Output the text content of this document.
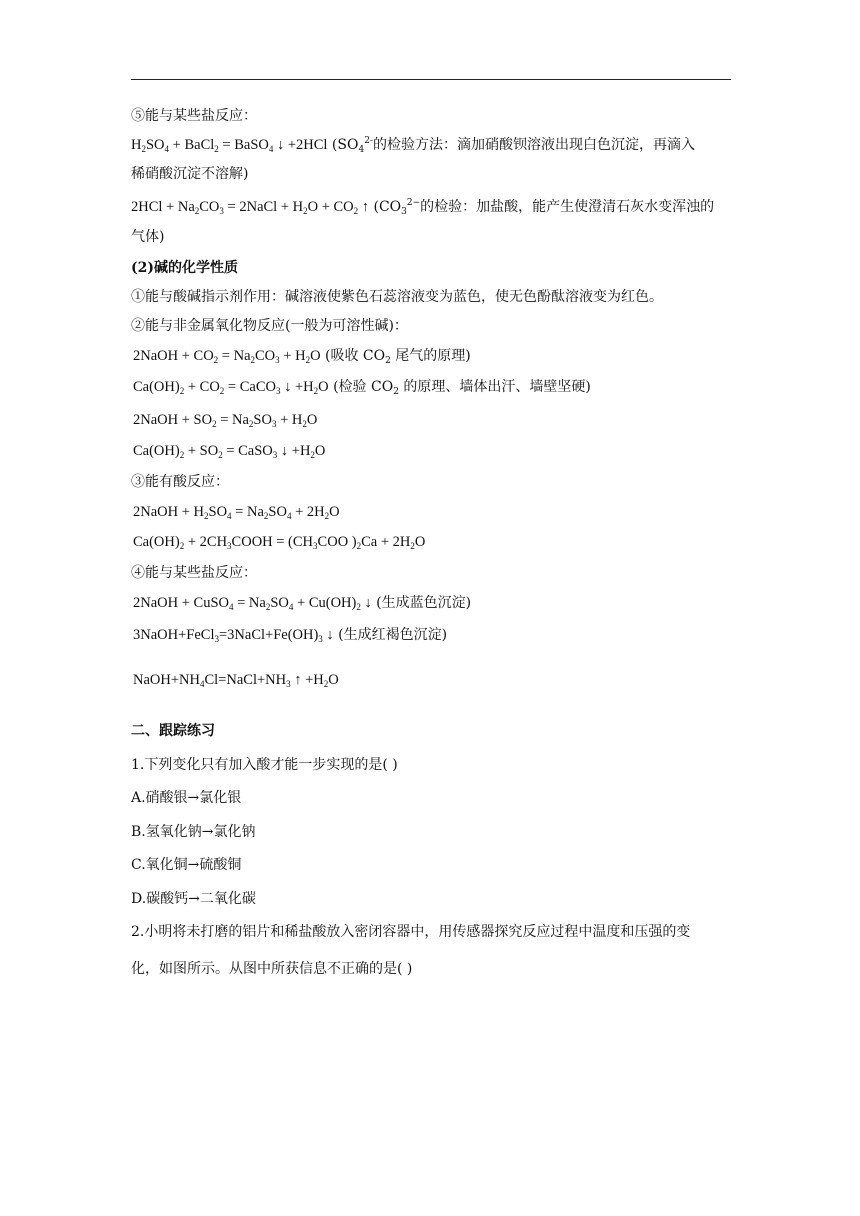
⑤能与某些盐反应：
$H_2SO_4$ + BaCl$_2$ = BaSO$_4$ ↓ +2HCl ($SO_4^{2-}$的检验方法：滴加硝酸钡溶液出现白色沉淀，再滴入
稀硝酸沉淀不溶解)
$2HCl + Na_2CO_3$ = 2NaCl + $H_2O + CO_2$ ↑ ($CO_3^{2-}$的检验：加盐酸，能产生使澄清石灰水变浑浊的
气体)
(2)碱的化学性质
①能与酸碱指示剂作用：碱溶液使紫色石蕊溶液变为蓝色，使无色酚酞溶液变为红色。
②能与非金属氧化物反应(一般为可溶性碱)：
2NaOH + $CO_2 = Na_2CO_3 + H_2O$ (吸收 $CO_2$ 尾气的原理)
$Ca(OH)_2 + CO_2$ = CaCO$_3$ ↓ $+H_2O$ (检验 $CO_2$ 的原理、墙体出汗、墙壁坚硬)
2NaOH + $SO_2 = Na_2SO_3 + H_2O$
$Ca(OH)_2 + SO_2$ = CaSO$_3$ ↓ $+H_2O$
③能有酸反应：
2NaOH + $H_2SO_4 = Na_2SO_4 + 2H_2O$
$Ca(OH)_2$ + $2CH_3COOH = (CH_3COO$ )$_2Ca + 2H_2O$
④能与某些盐反应：
2NaOH + CuSO$_4$ = $Na_2SO_4 + Cu(OH)_2$ ↓ (生成蓝色沉淀)
$3NaOH+FeCl_3=3NaCl+Fe(OH)_3$ ↓ (生成红褐色沉淀)
$NaOH+NH_4Cl=NaCl+NH_3$ ↑ $+H_2O$
二、跟踪练习
1.下列变化只有加入酸才能一步实现的是( )
A.硝酸银→氯化银
B.氢氧化钠→氯化钠
C.氧化铜→硫酸铜
D.碳酸钙→二氧化碳
2.小明将未打磨的铝片和稀盐酸放入密闭容器中，用传感器探究反应过程中温度和压强的变
化，如图所示。从图中所获信息不正确的是( )
